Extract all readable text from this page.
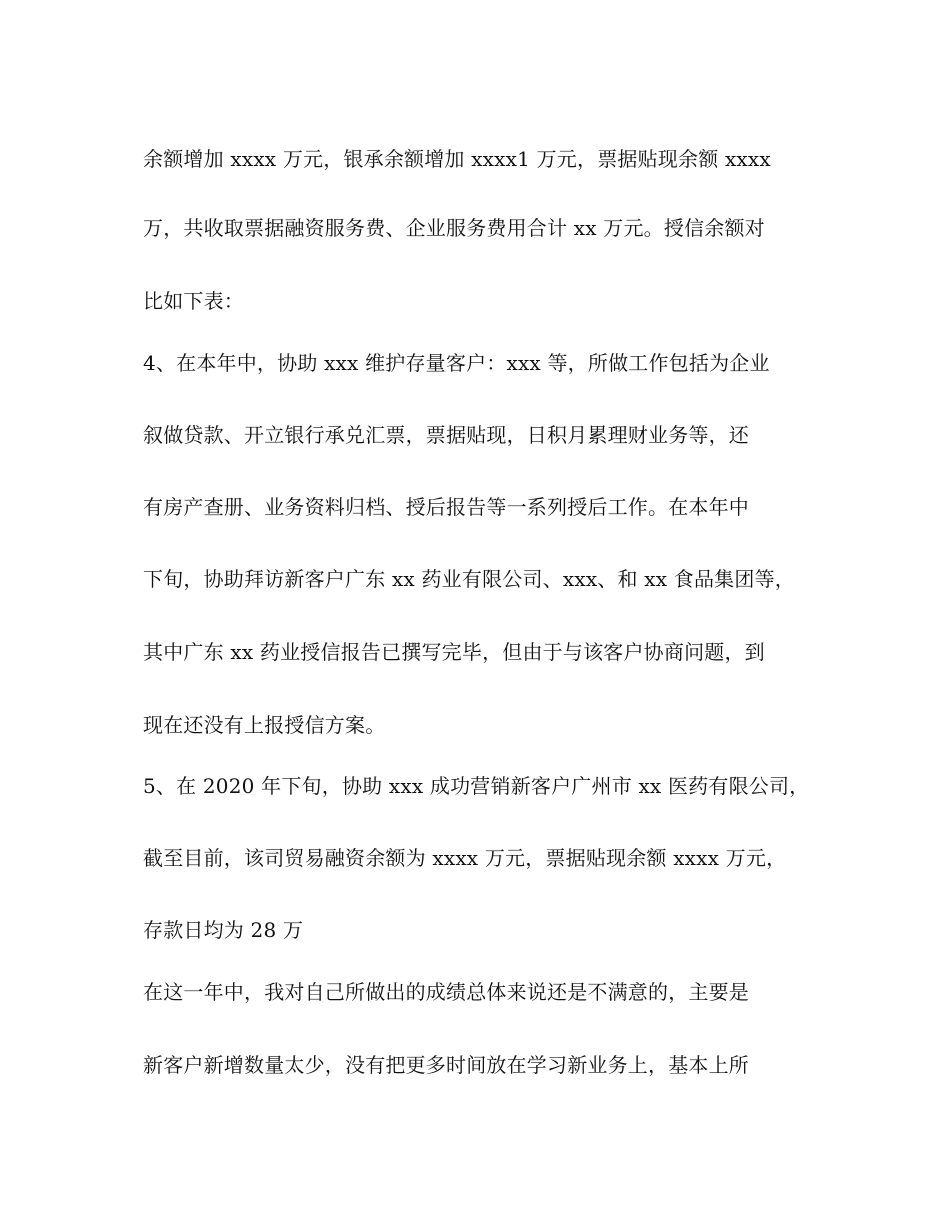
余额增加 xxxx 万元，银承余额增加 xxxx1 万元，票据贴现余额 xxxx
万，共收取票据融资服务费、企业服务费用合计 xx 万元。授信余额对
比如下表：
4、在本年中，协助 xxx 维护存量客户：xxx 等，所做工作包括为企业
叙做贷款、开立银行承兑汇票，票据贴现，日积月累理财业务等，还
有房产查册、业务资料归档、授后报告等一系列授后工作。在本年中
下旬，协助拜访新客户广东 xx 药业有限公司、xxx、和 xx 食品集团等，
其中广东 xx 药业授信报告已撰写完毕，但由于与该客户协商问题，到
现在还没有上报授信方案。
5、在 2020 年下旬，协助 xxx 成功营销新客户广州市 xx 医药有限公司，
截至目前，该司贸易融资余额为 xxxx 万元，票据贴现余额 xxxx 万元，
存款日均为 28 万
在这一年中，我对自己所做出的成绩总体来说还是不满意的，主要是
新客户新增数量太少，没有把更多时间放在学习新业务上，基本上所
